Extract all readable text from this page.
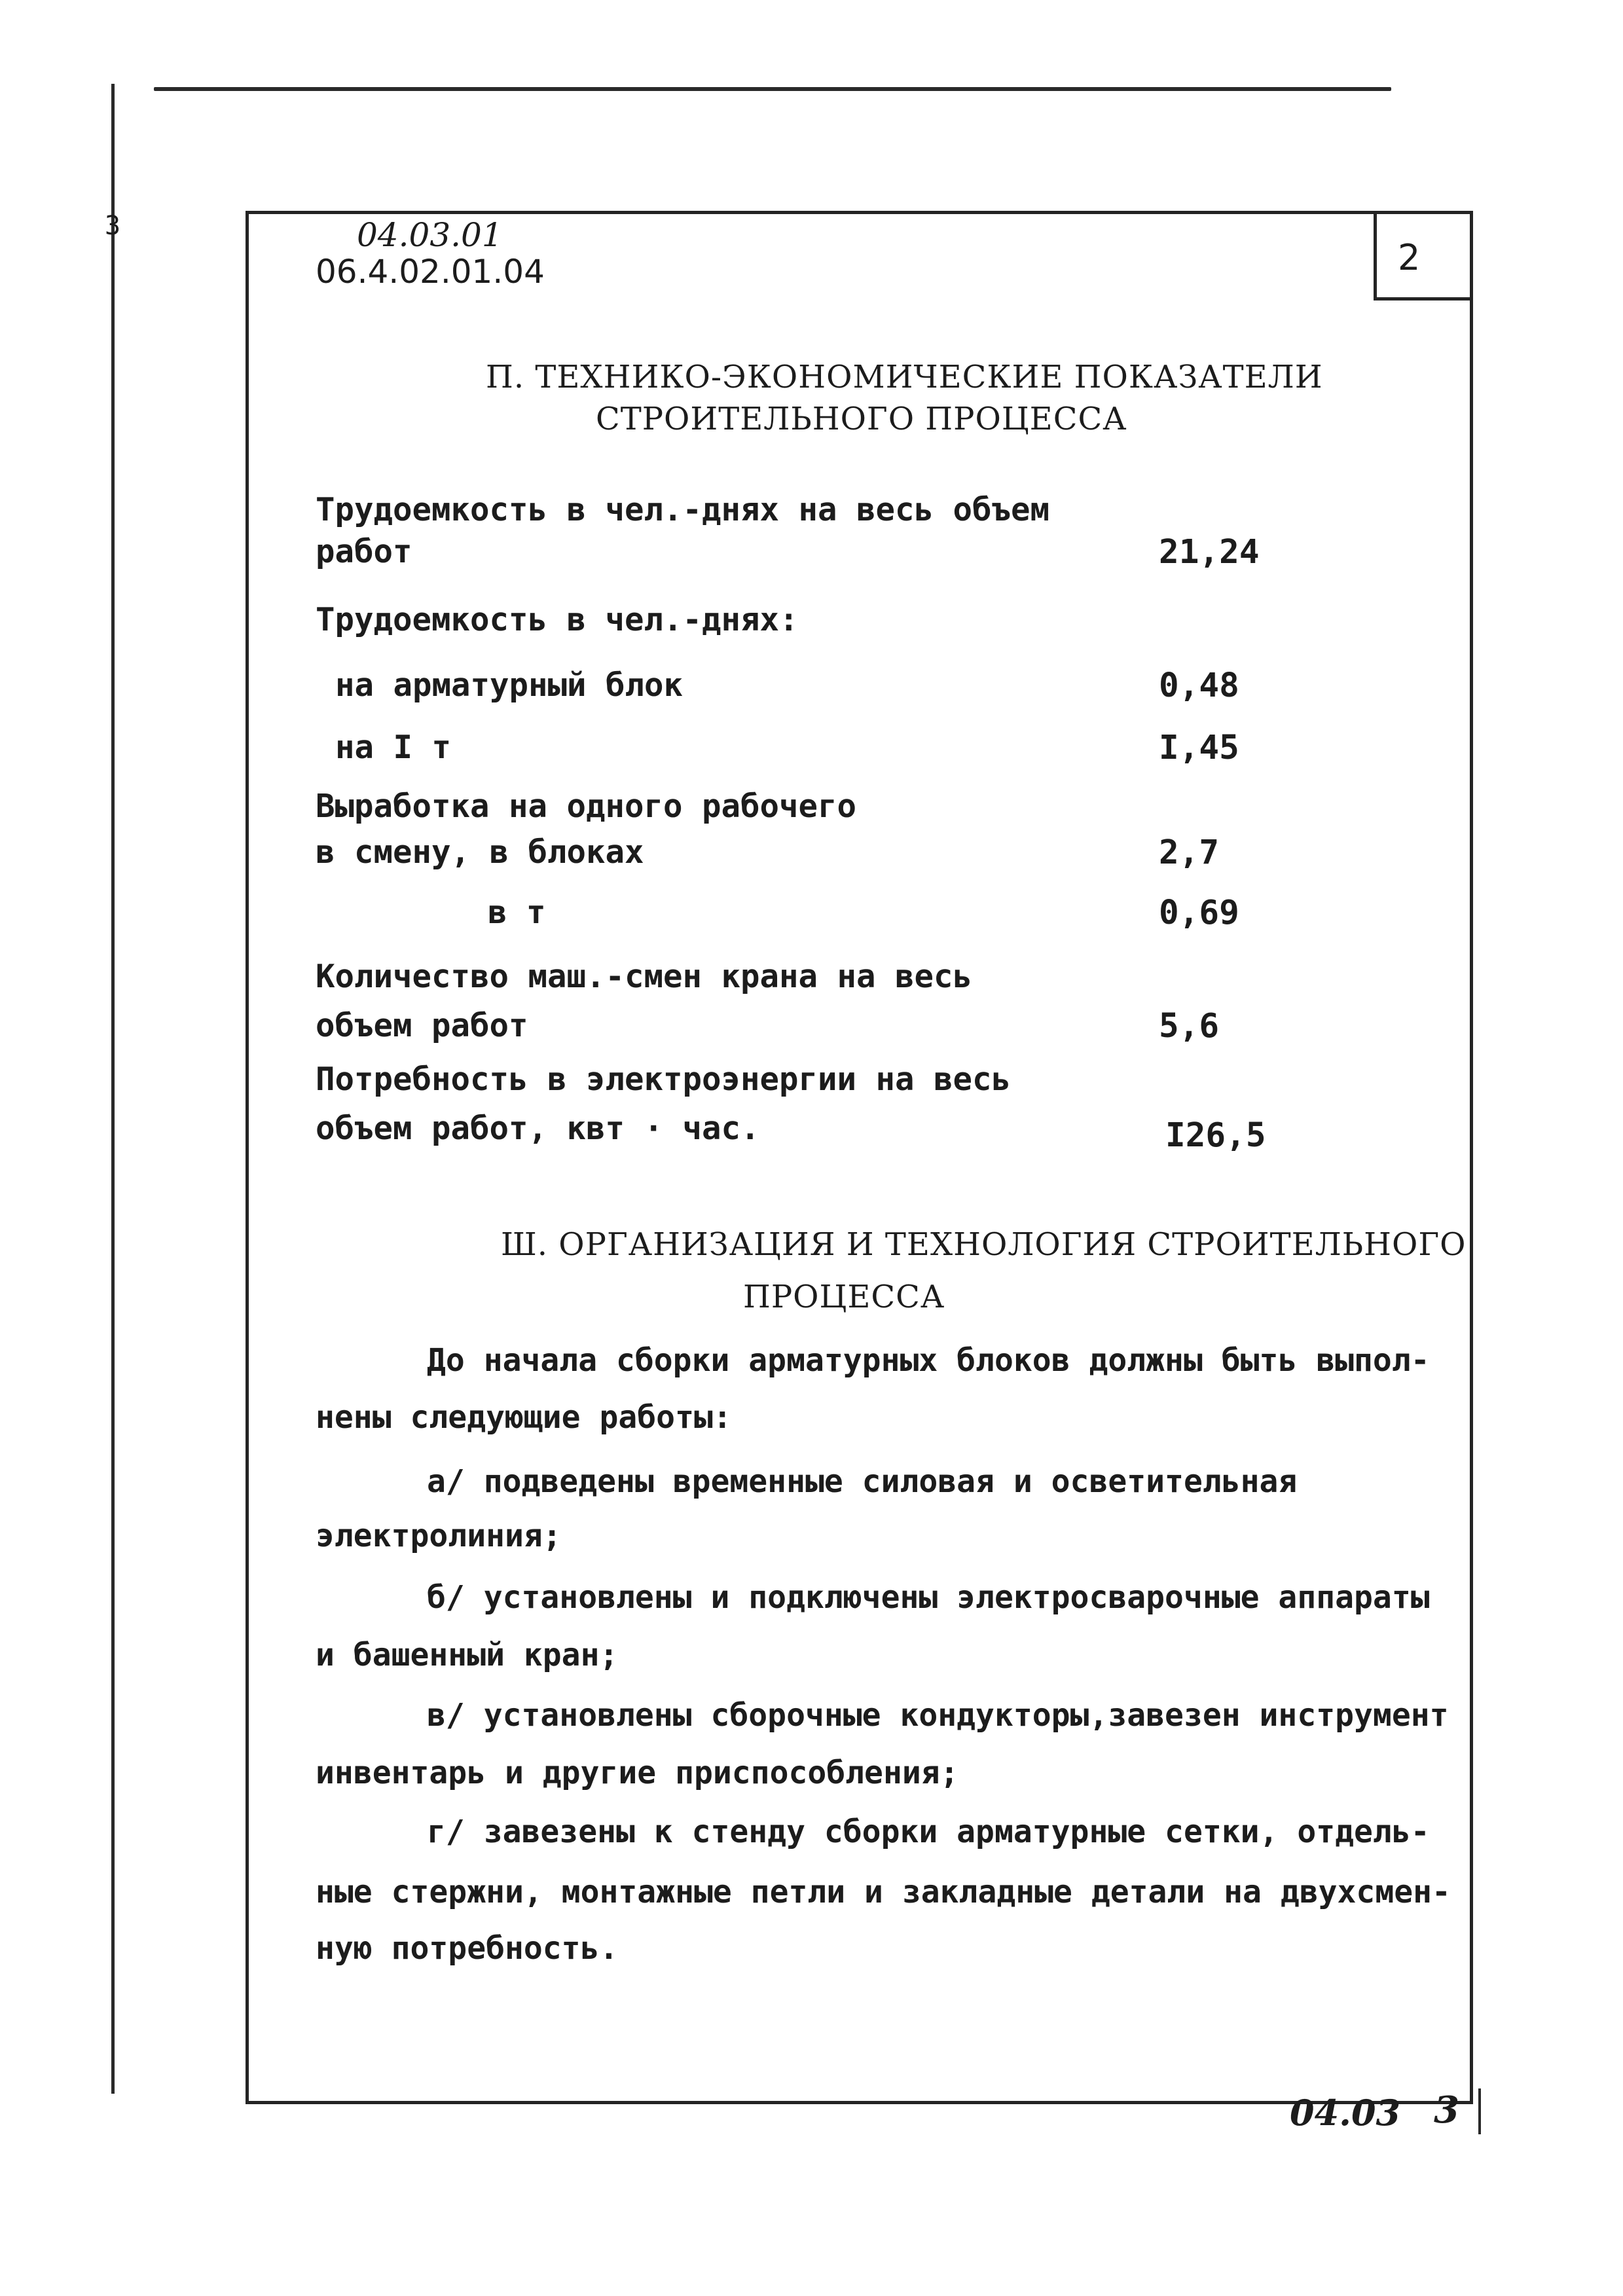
3
2
04.03.01
06.4.02.01.04
П. ТЕХНИКО-ЭКОНОМИЧЕСКИЕ ПОКАЗАТЕЛИ
СТРОИТЕЛЬНОГО ПРОЦЕССА
Трудоемкость в чел.-днях на весь объем
работ	21,24
Трудоемкость в чел.-днях:
на арматурный блок	0,48
на I т	I,45
Выработка на одного рабочего
в смену, в блоках	2,7
в т	0,69
Количество маш.-смен крана на весь
объем работ	5,6
Потребность в электроэнергии на весь
объем работ, квт · час.	I26,5
Ш. ОРГАНИЗАЦИЯ И ТЕХНОЛОГИЯ СТРОИТЕЛЬНОГО
ПРОЦЕССА
До начала сборки арматурных блоков должны быть выпол-
нены следующие работы:
а/ подведены временные силовая и осветительная
электролиния;
б/ установлены и подключены электросварочные аппараты
и башенный кран;
в/ установлены сборочные кондукторы,завезен инструмент
инвентарь и другие приспособления;
г/ завезены к стенду сборки арматурные сетки, отдель-
ные стержни, монтажные петли и закладные детали на двухсмен-
ную потребность.
04.03 3
